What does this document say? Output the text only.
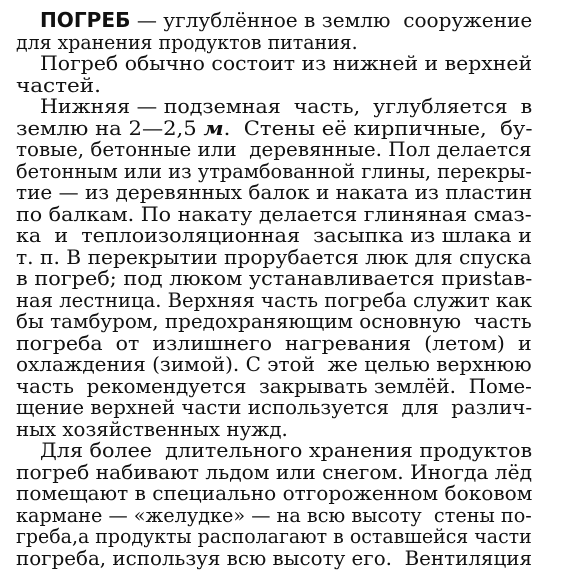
ПОГРЕБ — углублённое в землю  сооружение
для хранения продуктов питания.
Погреб обычно состоит из нижней и верхней
частей.
Нижняя — подземная  часть,  углубляется  в
землю на 2—2,5 м.  Стены её кирпичные,  бу-
товые, бетонные или  деревянные. Пол делается
бетонным или из утрамбованной глины, перекры-
тие — из деревянных балок и наката из пластин
по балкам. По накату делается глиняная смаз-
ка  и  теплоизоляционная  засыпка из шлака и
т. п. В перекрытии прорубается люк для спуска
в погреб; под люком устанавливается приstав-
ная лестница. Верхняя часть погреба служит как
бы тамбуром, предохраняющим основную  часть
погреба  от  излишнего  нагревания  (летом)  и
охлаждения (зимой). С этой  же целью верхнюю
часть  рекомендуется  закрывать землёй.  Поме-
щение верхней части используется  для  различ-
ных хозяйственных нужд.
Для более  длительного хранения продуктов
погреб набивают льдом или снегом. Иногда лёд
помещают в специально отгороженном боковом
кармане — «желудке» — на всю высоту  стены по-
греба,а продукты располагают в оставшейся части
погреба, используя всю высоту его.  Вентиляция
